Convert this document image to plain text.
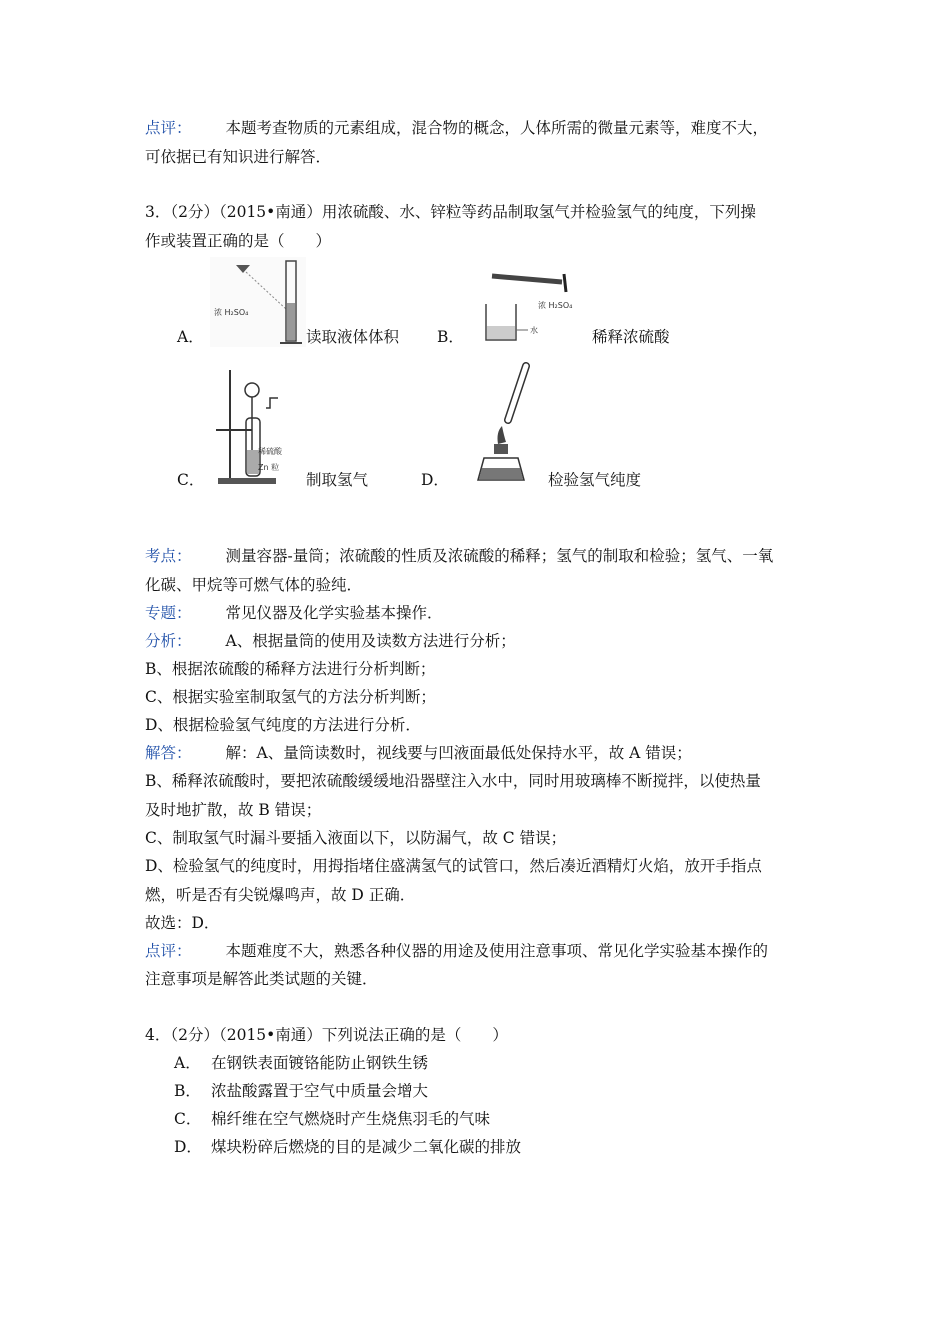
点评： 本题考查物质的元素组成，混合物的概念，人体所需的微量元素等，难度不大，
可依据已有知识进行解答．
3．（2分）（2015•南通）用浓硫酸、水、锌粒等药品制取氢气并检验氢气的纯度，下列操
作或装置正确的是（　　）
A．
浓 H₂SO₄
读取液体体积 B．
浓 H₂SO₄
水	稀释浓硫酸
C．
稀硫酸
Zn 粒
制取氢气	D．	检验氢气纯度
考点： 测量容器-量筒；浓硫酸的性质及浓硫酸的稀释；氢气的制取和检验；氢气、一氧
化碳、甲烷等可燃气体的验纯．
专题： 常见仪器及化学实验基本操作．
分析： A、根据量筒的使用及读数方法进行分析；
B、根据浓硫酸的稀释方法进行分析判断；
C、根据实验室制取氢气的方法分析判断；
D、根据检验氢气纯度的方法进行分析．
解答： 解：A、量筒读数时，视线要与凹液面最低处保持水平，故 A 错误；
B、稀释浓硫酸时，要把浓硫酸缓缓地沿器壁注入水中，同时用玻璃棒不断搅拌，以使热量
及时地扩散，故 B 错误；
C、制取氢气时漏斗要插入液面以下，以防漏气，故 C 错误；
D、检验氢气的纯度时，用拇指堵住盛满氢气的试管口，然后凑近酒精灯火焰，放开手指点
燃，听是否有尖锐爆鸣声，故 D 正确．
故选：D．
点评： 本题难度不大，熟悉各种仪器的用途及使用注意事项、常见化学实验基本操作的
注意事项是解答此类试题的关键．
4．（2分）（2015•南通）下列说法正确的是（　　）
A． 在钢铁表面镀铬能防止钢铁生锈
B． 浓盐酸露置于空气中质量会增大
C． 棉纤维在空气燃烧时产生烧焦羽毛的气味
D． 煤块粉碎后燃烧的目的是减少二氧化碳的排放
